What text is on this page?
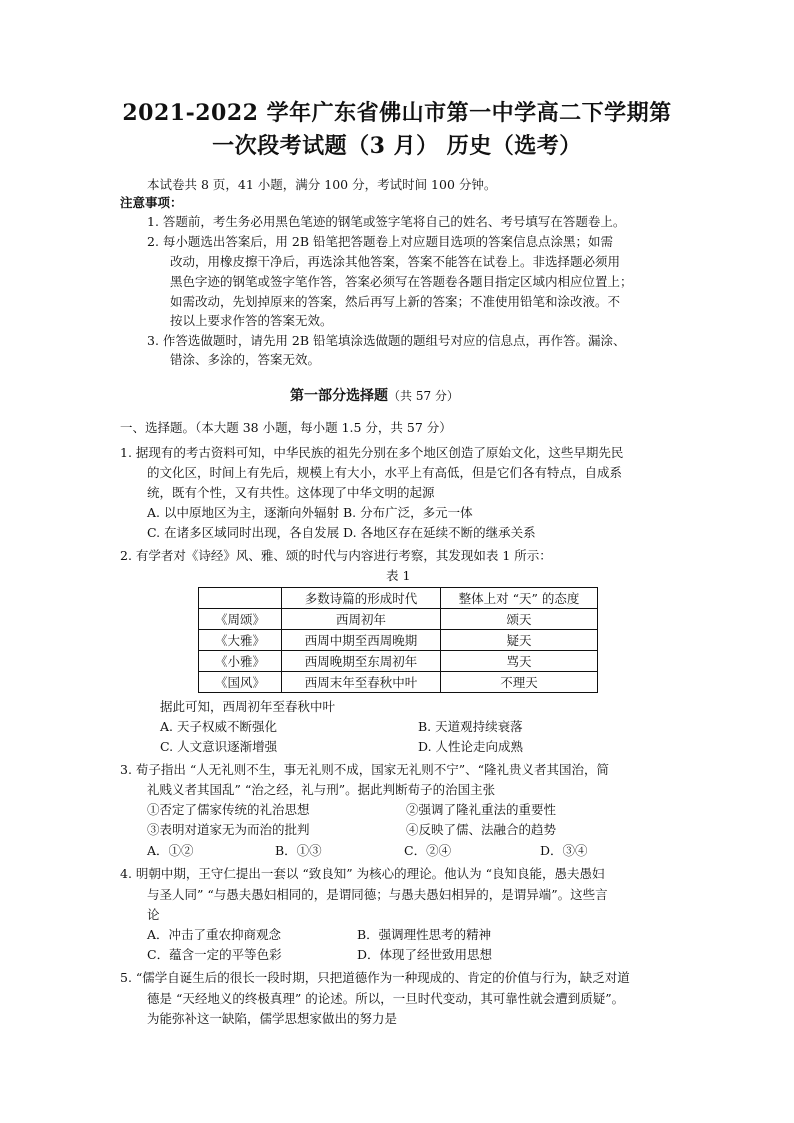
2021-2022 学年广东省佛山市第一中学高二下学期第
一次段考试题（3 月） 历史（选考）
本试卷共 8 页，41 小题，满分 100 分，考试时间 100 分钟。
注意事项：
1. 答题前，考生务必用黑色笔迹的钢笔或签字笔将自己的姓名、考号填写在答题卷上。
2. 每小题选出答案后，用 2B 铅笔把答题卷上对应题目选项的答案信息点涂黑；如需
改动，用橡皮擦干净后，再选涂其他答案，答案不能答在试卷上。非选择题必须用
黑色字迹的钢笔或签字笔作答，答案必须写在答题卷各题目指定区域内相应位置上；
如需改动，先划掉原来的答案，然后再写上新的答案；不准使用铅笔和涂改液。不
按以上要求作答的答案无效。
3. 作答选做题时，请先用 2B 铅笔填涂选做题的题组号对应的信息点，再作答。漏涂、
错涂、多涂的，答案无效。
第一部分选择题（共 57 分）
一、选择题。（本大题 38 小题，每小题 1.5 分，共 57 分）
1. 据现有的考古资料可知，中华民族的祖先分别在多个地区创造了原始文化，这些早期先民
的文化区，时间上有先后，规模上有大小，水平上有高低，但是它们各有特点，自成系
统，既有个性，又有共性。这体现了中华文明的起源
A. 以中原地区为主，逐渐向外辐射 B. 分布广泛，多元一体
C. 在诸多区域同时出现，各自发展 D. 各地区存在延续不断的继承关系
2. 有学者对《诗经》风、雅、颂的时代与内容进行考察，其发现如表 1 所示：
表 1
	多数诗篇的形成时代	整体上对 “天” 的态度
《周颂》	西周初年	颂天
《大雅》	西周中期至西周晚期	疑天
《小雅》	西周晚期至东周初年	骂天
《国风》	西周末年至春秋中叶	不理天
据此可知，西周初年至春秋中叶
A. 天子权威不断强化	B. 天道观持续衰落
C. 人文意识逐渐增强	D. 人性论走向成熟
3. 荀子指出 “人无礼则不生，事无礼则不成，国家无礼则不宁”、“隆礼贵义者其国治，简
礼贱义者其国乱” “治之经，礼与刑”。据此判断荀子的治国主张
①否定了儒家传统的礼治思想	②强调了隆礼重法的重要性
③表明对道家无为而治的批判	④反映了儒、法融合的趋势
A．①②	B．①③	C．②④	D．③④
4. 明朝中期，王守仁提出一套以 “致良知” 为核心的理论。他认为 “良知良能，愚夫愚妇
与圣人同” “与愚夫愚妇相同的，是谓同德；与愚夫愚妇相异的，是谓异端”。这些言
论
A．冲击了重农抑商观念	B．强调理性思考的精神
C．蕴含一定的平等色彩	D．体现了经世致用思想
5. “儒学自诞生后的很长一段时期，只把道德作为一种现成的、肯定的价值与行为，缺乏对道
德是 “天经地义的终极真理” 的论述。所以，一旦时代变动，其可靠性就会遭到质疑”。
为能弥补这一缺陷，儒学思想家做出的努力是
